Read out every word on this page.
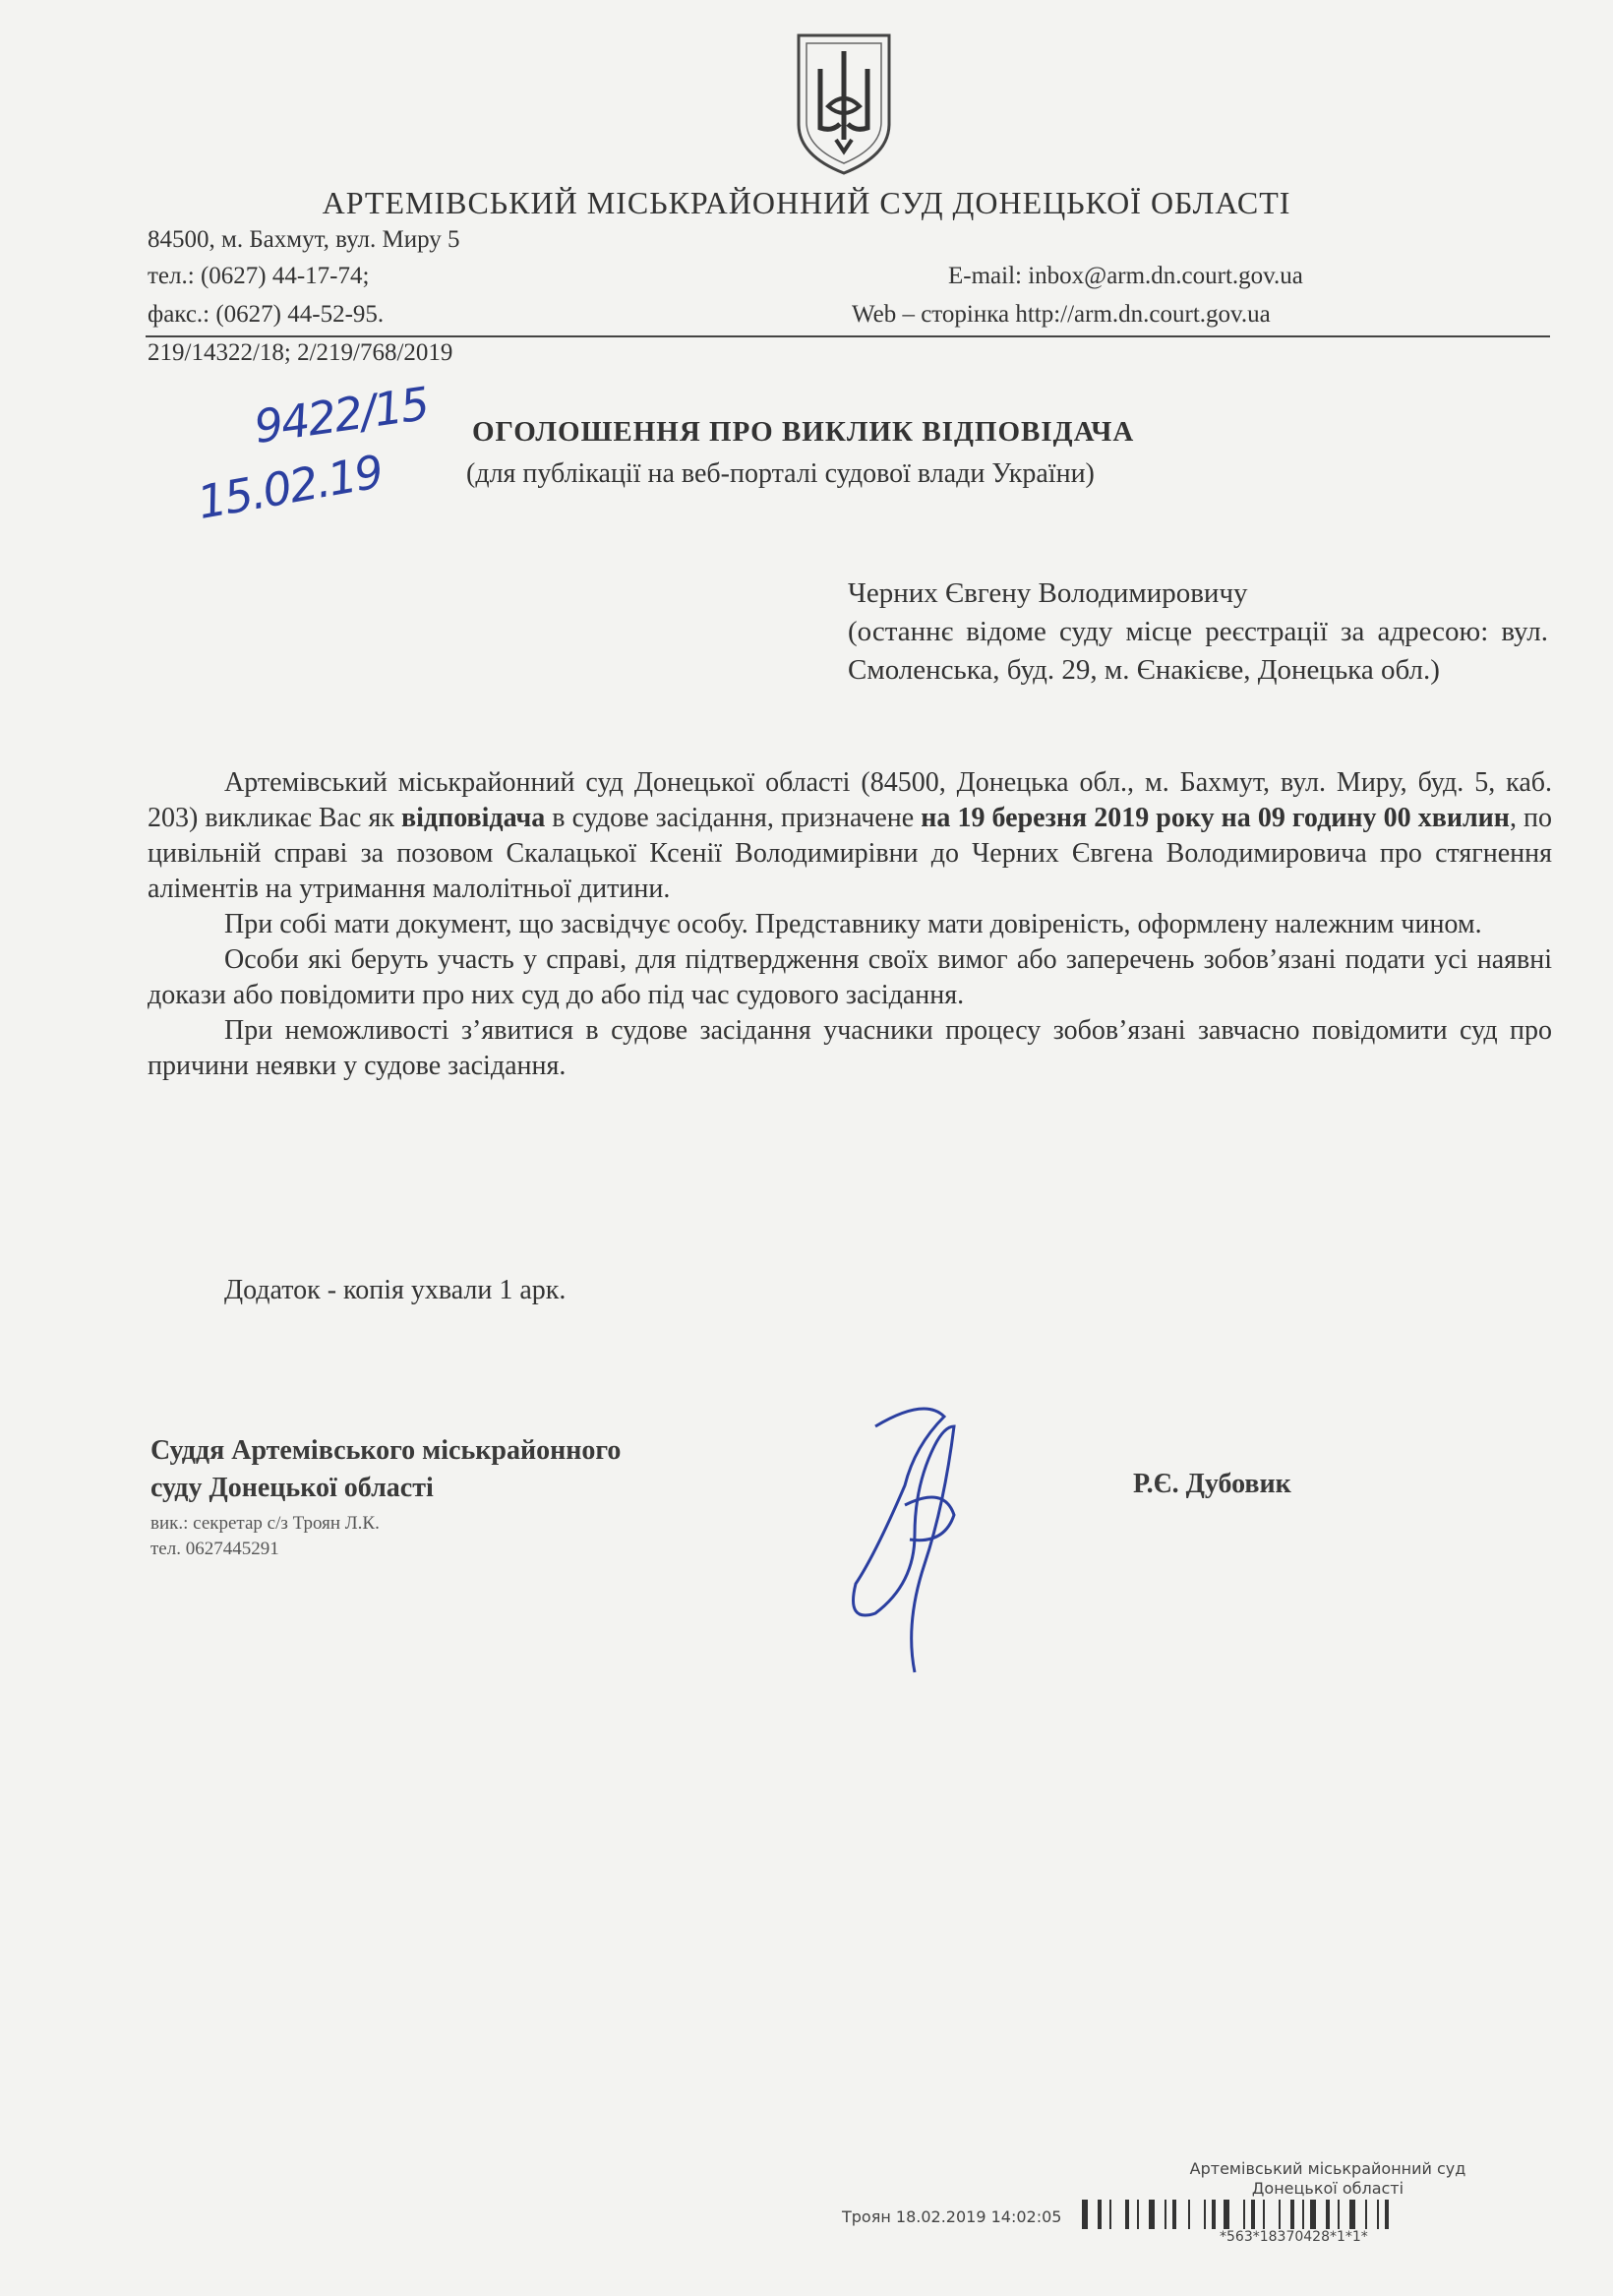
АРТЕМІВСЬКИЙ МІСЬКРАЙОННИЙ СУД ДОНЕЦЬКОЇ ОБЛАСТІ
84500, м. Бахмут, вул. Миру 5
тел.: (0627) 44-17-74;
факс.: (0627) 44-52-95.
E-mail: inbox@arm.dn.court.gov.ua
Web – сторінка http://arm.dn.court.gov.ua
219/14322/18; 2/219/768/2019
9422/15
15.02.19
ОГОЛОШЕННЯ ПРО ВИКЛИК ВІДПОВІДАЧА
(для публікації на веб-порталі судової влади України)

Черних Євгену Володимировичу

(останнє відоме суду місце реєстрації за адресою: вул. Смоленська, буд. 29, м. Єнакієве, Донецька обл.)

Артемівський міськрайонний суд Донецької області (84500, Донецька обл., м. Бахмут, вул. Миру, буд. 5, каб. 203) викликає Вас як відповідача в судове засідання, призначене на 19 березня 2019 року на 09 годину 00 хвилин, по цивільній справі за позовом Скалацької Ксенії Володимирівни до Черних Євгена Володимировича про стягнення аліментів на утримання малолітньої дитини.

При собі мати документ, що засвідчує особу. Представнику мати довіреність, оформлену належним чином.

Особи які беруть участь у справі, для підтвердження своїх вимог або заперечень зобов’язані подати усі наявні докази або повідомити про них суд до або під час судового засідання.

При неможливості з’явитися в судове засідання учасники процесу зобов’язані завчасно повідомити суд про причини неявки у судове засідання.

Додаток - копія ухвали 1 арк.
Суддя Артемівського міськрайонного
суду Донецької області
вик.: секретар с/з Троян Л.К.
тел. 0627445291
Р.Є. Дубовик
Артемівський міськрайонний суд
Донецької області
Троян 18.02.2019 14:02:05
*563*18370428*1*1*
